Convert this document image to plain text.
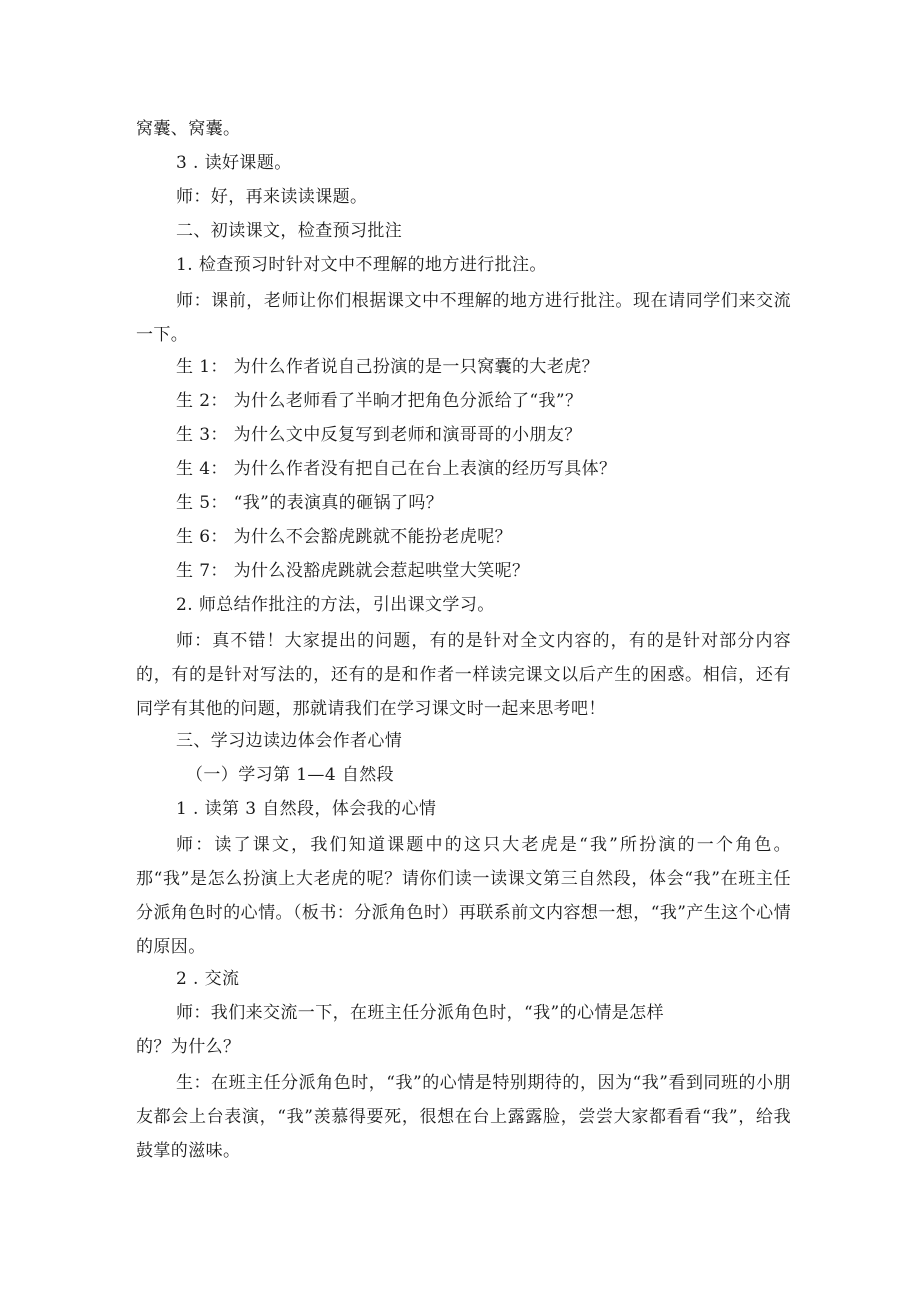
窝囊、窝囊。
3 . 读好课题。
师：好，再来读读课题。
二、初读课文，检查预习批注
1. 检查预习时针对文中不理解的地方进行批注。
师：课前，老师让你们根据课文中不理解的地方进行批注。现在请同学们来交流一下。
生 1： 为什么作者说自己扮演的是一只窝囊的大老虎？
生 2： 为什么老师看了半晌才把角色分派给了“我”？
生 3： 为什么文中反复写到老师和演哥哥的小朋友？
生 4： 为什么作者没有把自己在台上表演的经历写具体？
生 5： “我”的表演真的砸锅了吗？
生 6： 为什么不会豁虎跳就不能扮老虎呢？
生 7： 为什么没豁虎跳就会惹起哄堂大笑呢？
2. 师总结作批注的方法，引出课文学习。
师：真不错！大家提出的问题，有的是针对全文内容的，有的是针对部分内容的，有的是针对写法的，还有的是和作者一样读完课文以后产生的困惑。相信，还有同学有其他的问题，那就请我们在学习课文时一起来思考吧！
三、学习边读边体会作者心情
（一）学习第 1—4 自然段
1 . 读第 3 自然段，体会我的心情
师：读了课文，我们知道课题中的这只大老虎是“我”所扮演的一个角色。那“我”是怎么扮演上大老虎的呢？请你们读一读课文第三自然段，体会“我”在班主任分派角色时的心情。（板书：分派角色时）再联系前文内容想一想，“我”产生这个心情的原因。
2 . 交流
师：我们来交流一下，在班主任分派角色时，“我”的心情是怎样
的？为什么？
生：在班主任分派角色时，“我”的心情是特别期待的，因为“我”看到同班的小朋友都会上台表演，“我”羡慕得要死，很想在台上露露脸，尝尝大家都看看“我”，给我鼓掌的滋味。
